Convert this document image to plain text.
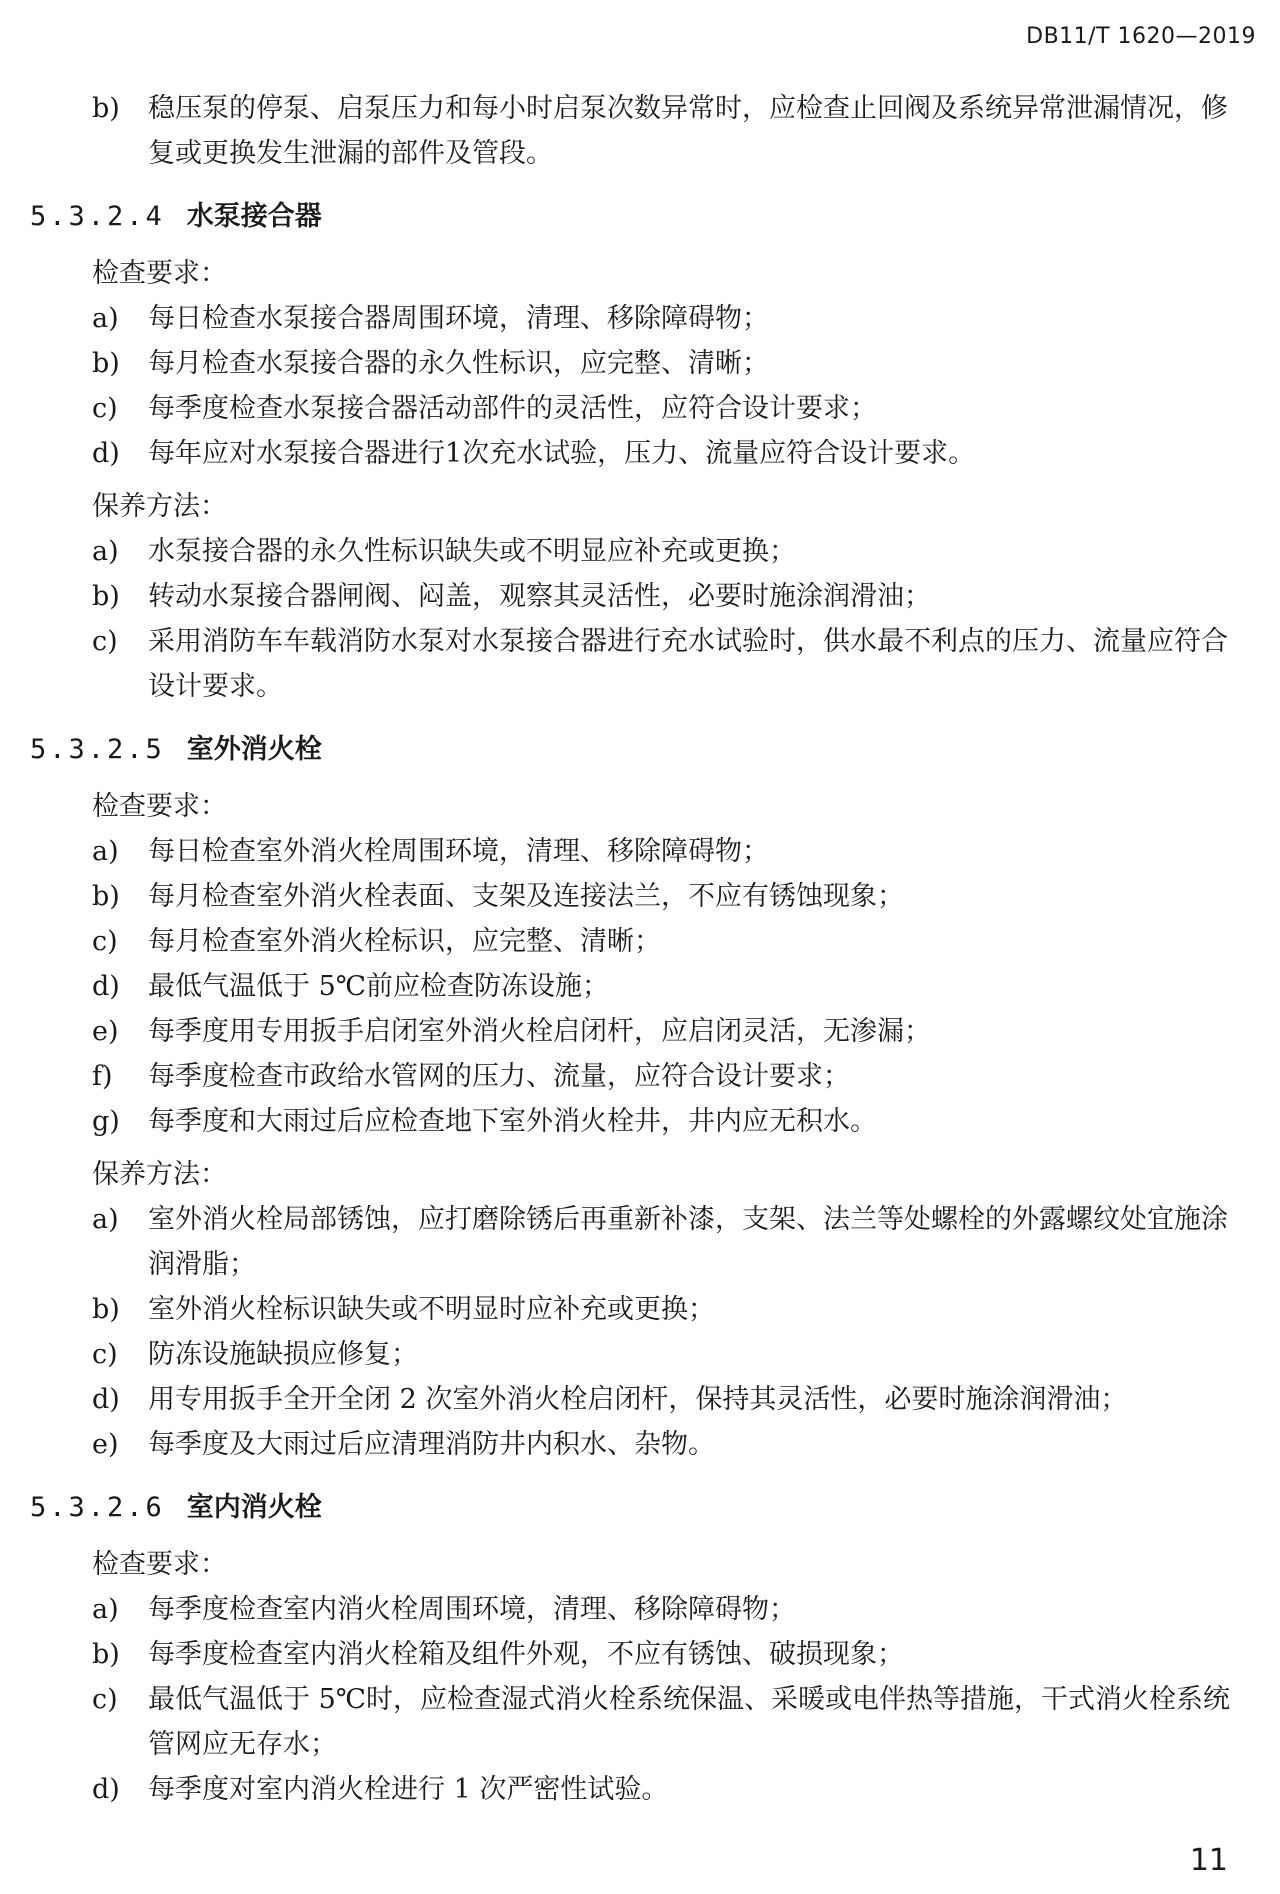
DB11/T 1620—2019
b) 稳压泵的停泵、启泵压力和每小时启泵次数异常时，应检查止回阀及系统异常泄漏情况，修复或更换发生泄漏的部件及管段。
5.3.2.4 水泵接合器
检查要求：
a) 每日检查水泵接合器周围环境，清理、移除障碍物；
b) 每月检查水泵接合器的永久性标识，应完整、清晰；
c) 每季度检查水泵接合器活动部件的灵活性，应符合设计要求；
d) 每年应对水泵接合器进行1次充水试验，压力、流量应符合设计要求。
保养方法：
a) 水泵接合器的永久性标识缺失或不明显应补充或更换；
b) 转动水泵接合器闸阀、闷盖，观察其灵活性，必要时施涂润滑油；
c) 采用消防车车载消防水泵对水泵接合器进行充水试验时，供水最不利点的压力、流量应符合设计要求。
5.3.2.5 室外消火栓
检查要求：
a) 每日检查室外消火栓周围环境，清理、移除障碍物；
b) 每月检查室外消火栓表面、支架及连接法兰，不应有锈蚀现象；
c) 每月检查室外消火栓标识，应完整、清晰；
d) 最低气温低于 5℃前应检查防冻设施；
e) 每季度用专用扳手启闭室外消火栓启闭杆，应启闭灵活，无渗漏；
f) 每季度检查市政给水管网的压力、流量，应符合设计要求；
g) 每季度和大雨过后应检查地下室外消火栓井，井内应无积水。
保养方法：
a) 室外消火栓局部锈蚀，应打磨除锈后再重新补漆，支架、法兰等处螺栓的外露螺纹处宜施涂润滑脂；
b) 室外消火栓标识缺失或不明显时应补充或更换；
c) 防冻设施缺损应修复；
d) 用专用扳手全开全闭 2 次室外消火栓启闭杆，保持其灵活性，必要时施涂润滑油；
e) 每季度及大雨过后应清理消防井内积水、杂物。
5.3.2.6 室内消火栓
检查要求：
a) 每季度检查室内消火栓周围环境，清理、移除障碍物；
b) 每季度检查室内消火栓箱及组件外观，不应有锈蚀、破损现象；
c) 最低气温低于 5℃时，应检查湿式消火栓系统保温、采暖或电伴热等措施，干式消火栓系统管网应无存水；
d) 每季度对室内消火栓进行 1 次严密性试验。
11
